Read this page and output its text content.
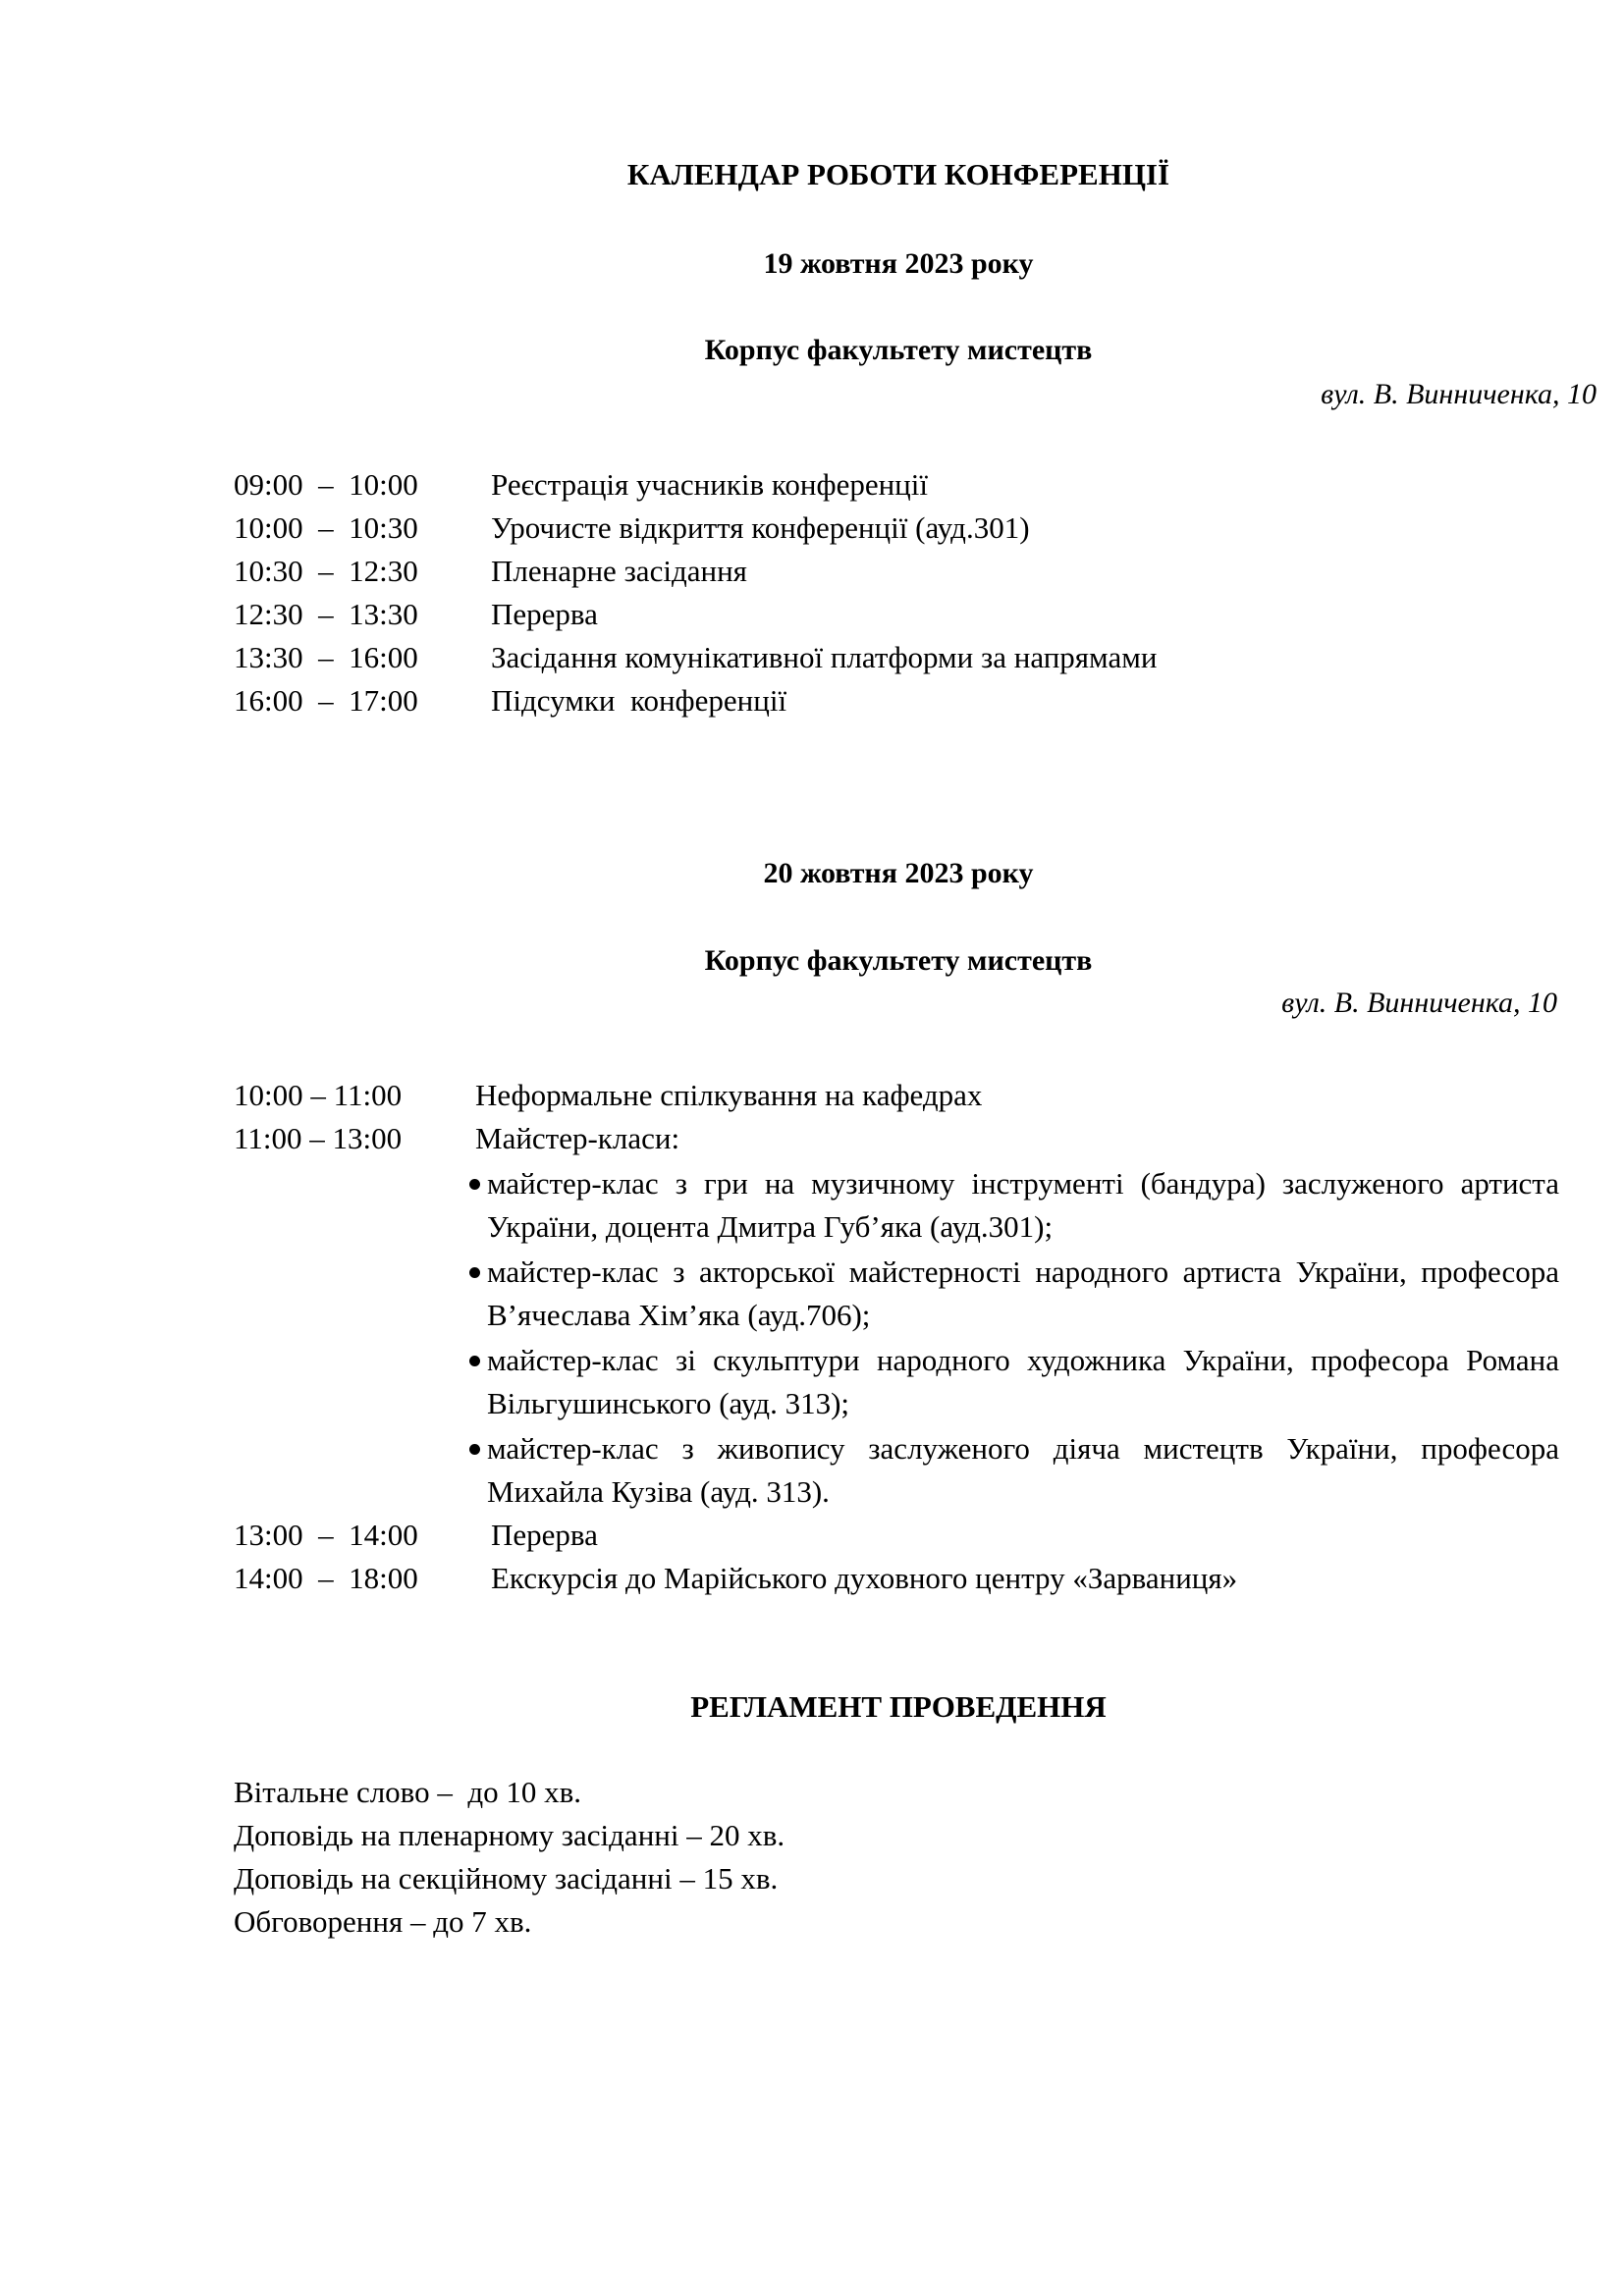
КАЛЕНДАР РОБОТИ КОНФЕРЕНЦІЇ
19 жовтня 2023 року
Корпус факультету мистецтв
вул. В. Винниченка, 10
09:00  –  10:00 Реєстрація учасників конференції
10:00  –  10:30 Урочисте відкриття конференції (ауд.301)
10:30  –  12:30 Пленарне засідання
12:30  –  13:30 Перерва
13:30  –  16:00 Засідання комунікативної платформи за напрямами
16:00  –  17:00 Підсумки  конференції
20 жовтня 2023 року
Корпус факультету мистецтв
вул. В. Винниченка, 10
10:00 – 11:00 Неформальне спілкування на кафедрах
11:00 – 13:00 Майстер-класи:
майстер-клас з гри на музичному інструменті (бандура) заслуженого артиста України, доцента Дмитра Губ’яка (ауд.301);
майстер-клас з акторської майстерності народного артиста України, професора В’ячеслава Хім’яка (ауд.706);
майстер-клас зі скульптури народного художника України, професора Романа Вільгушинського (ауд. 313);
майстер-клас з живопису заслуженого діяча мистецтв України, професора Михайла Кузіва (ауд. 313).
13:00  –  14:00 Перерва
14:00  –  18:00 Екскурсія до Марійського духовного центру «Зарваниця»
РЕГЛАМЕНТ ПРОВЕДЕННЯ
Вітальне слово –  до 10 хв.
Доповідь на пленарному засіданні – 20 хв.
Доповідь на секційному засіданні – 15 хв.
Обговорення – до 7 хв.
